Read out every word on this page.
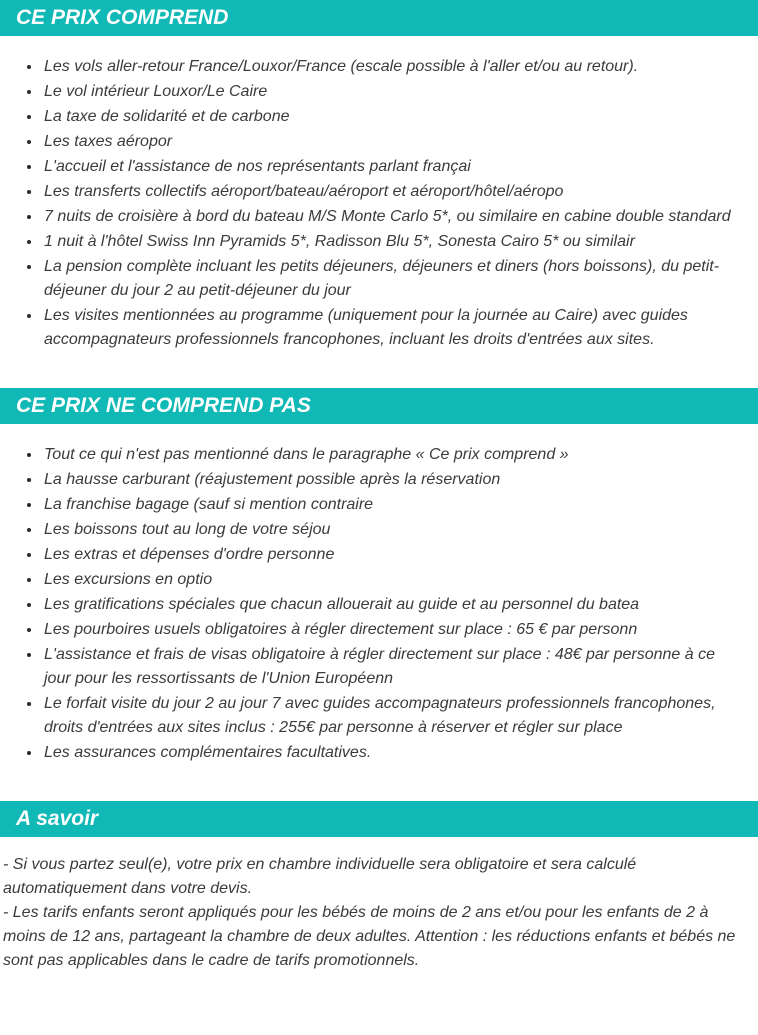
CE PRIX COMPREND
• Les vols aller-retour France/Louxor/France (escale possible à l'aller et/ou au retour).
• Le vol intérieur Louxor/Le Caire
• La taxe de solidarité et de carbone
• Les taxes aéropor
• L'accueil et l'assistance de nos représentants parlant françai
• Les transferts collectifs aéroport/bateau/aéroport et aéroport/hôtel/aéropo
• 7 nuits de croisière à bord du bateau M/S Monte Carlo 5*, ou similaire en cabine double standard
• 1 nuit à l'hôtel Swiss Inn Pyramids 5*, Radisson Blu 5*, Sonesta Cairo 5* ou similair
• La pension complète incluant les petits déjeuners, déjeuners et diners (hors boissons), du petit-déjeuner du jour 2 au petit-déjeuner du jour
• Les visites mentionnées au programme (uniquement pour la journée au Caire) avec guides accompagnateurs professionnels francophones, incluant les droits d'entrées aux sites.
CE PRIX NE COMPREND PAS
• Tout ce qui n'est pas mentionné dans le paragraphe « Ce prix comprend »
• La hausse carburant (réajustement possible après la réservation
• La franchise bagage (sauf si mention contraire
• Les boissons tout au long de votre séjou
• Les extras et dépenses d'ordre personne
• Les excursions en optio
• Les gratifications spéciales que chacun allouerait au guide et au personnel du batea
• Les pourboires usuels obligatoires à régler directement sur place : 65 € par personn
• L'assistance et frais de visas obligatoire à régler directement sur place : 48€ par personne à ce jour pour les ressortissants de l'Union Européenn
• Le forfait visite du jour 2 au jour 7 avec guides accompagnateurs professionnels francophones, droits d'entrées aux sites inclus : 255€ par personne à réserver et régler sur place
• Les assurances complémentaires facultatives.
A savoir

- Si vous partez seul(e), votre prix en chambre individuelle sera obligatoire et sera calculé automatiquement dans votre devis.

- Les tarifs enfants seront appliqués pour les bébés de moins de 2 ans et/ou pour les enfants de 2 à moins de 12 ans, partageant la chambre de deux adultes. Attention : les réductions enfants et bébés ne sont pas applicables dans le cadre de tarifs promotionnels.
